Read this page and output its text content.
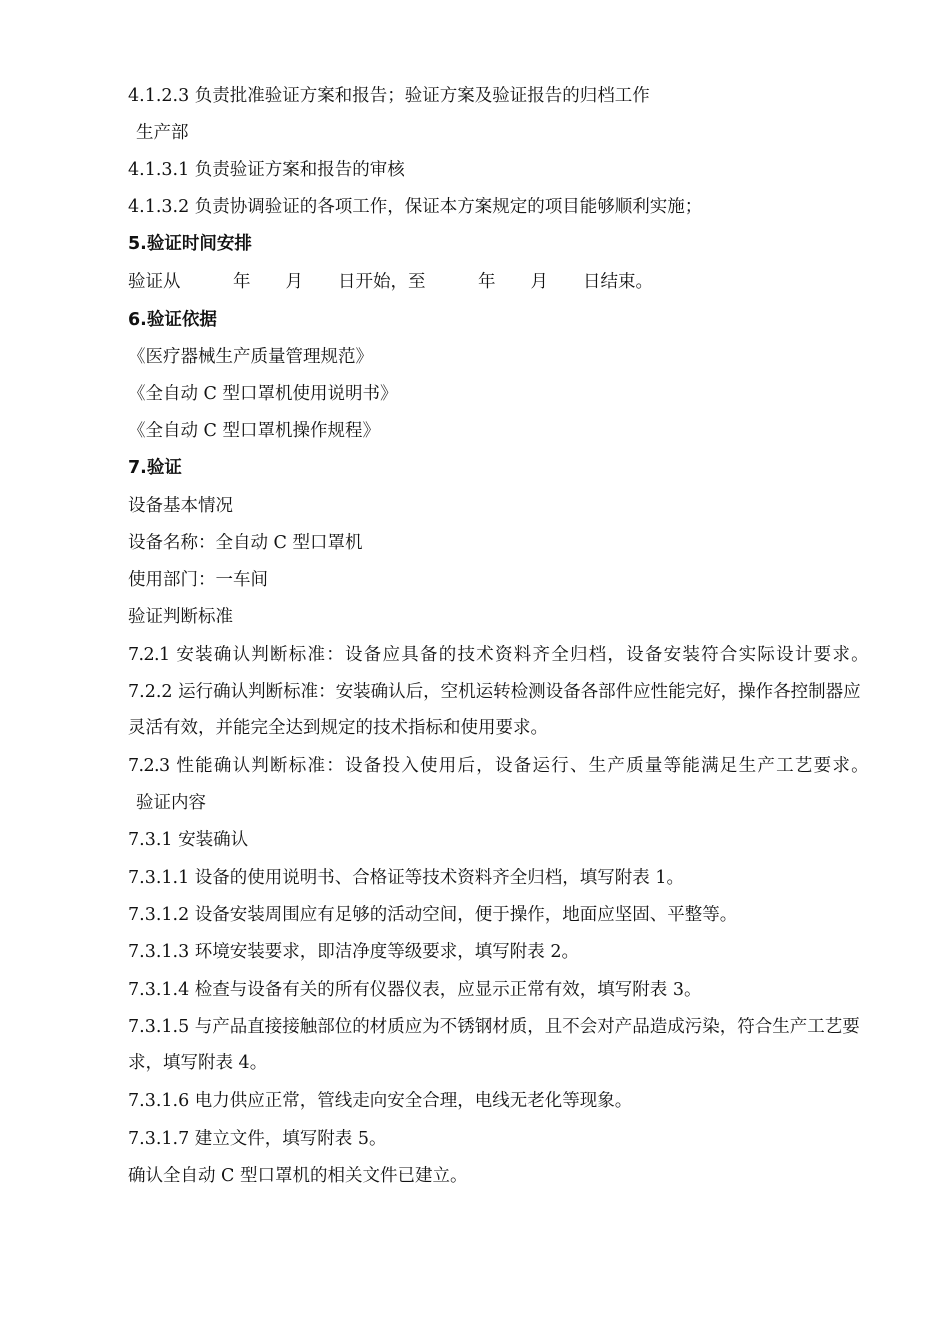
4.1.2.3 负责批准验证方案和报告；验证方案及验证报告的归档工作
生产部
4.1.3.1 负责验证方案和报告的审核
4.1.3.2 负责协调验证的各项工作，保证本方案规定的项目能够顺利实施；
5.验证时间安排
验证从　　　年　　月　　日开始，至　　　年　　月　　日结束。
6.验证依据
《医疗器械生产质量管理规范》
《全自动 C 型口罩机使用说明书》
《全自动 C 型口罩机操作规程》
7.验证
设备基本情况
设备名称：全自动 C 型口罩机
使用部门：一车间
验证判断标准
7.2.1 安装确认判断标准：设备应具备的技术资料齐全归档，设备安装符合实际设计要求。
7.2.2 运行确认判断标准：安装确认后，空机运转检测设备各部件应性能完好，操作各控制器应灵活有效，并能完全达到规定的技术指标和使用要求。
7.2.3 性能确认判断标准：设备投入使用后，设备运行、生产质量等能满足生产工艺要求。
验证内容
7.3.1 安装确认
7.3.1.1 设备的使用说明书、合格证等技术资料齐全归档，填写附表 1。
7.3.1.2 设备安装周围应有足够的活动空间，便于操作，地面应坚固、平整等。
7.3.1.3 环境安装要求，即洁净度等级要求，填写附表 2。
7.3.1.4 检查与设备有关的所有仪器仪表，应显示正常有效，填写附表 3。
7.3.1.5 与产品直接接触部位的材质应为不锈钢材质，且不会对产品造成污染，符合生产工艺要求，填写附表 4。
7.3.1.6 电力供应正常，管线走向安全合理，电线无老化等现象。
7.3.1.7 建立文件，填写附表 5。
确认全自动 C 型口罩机的相关文件已建立。
